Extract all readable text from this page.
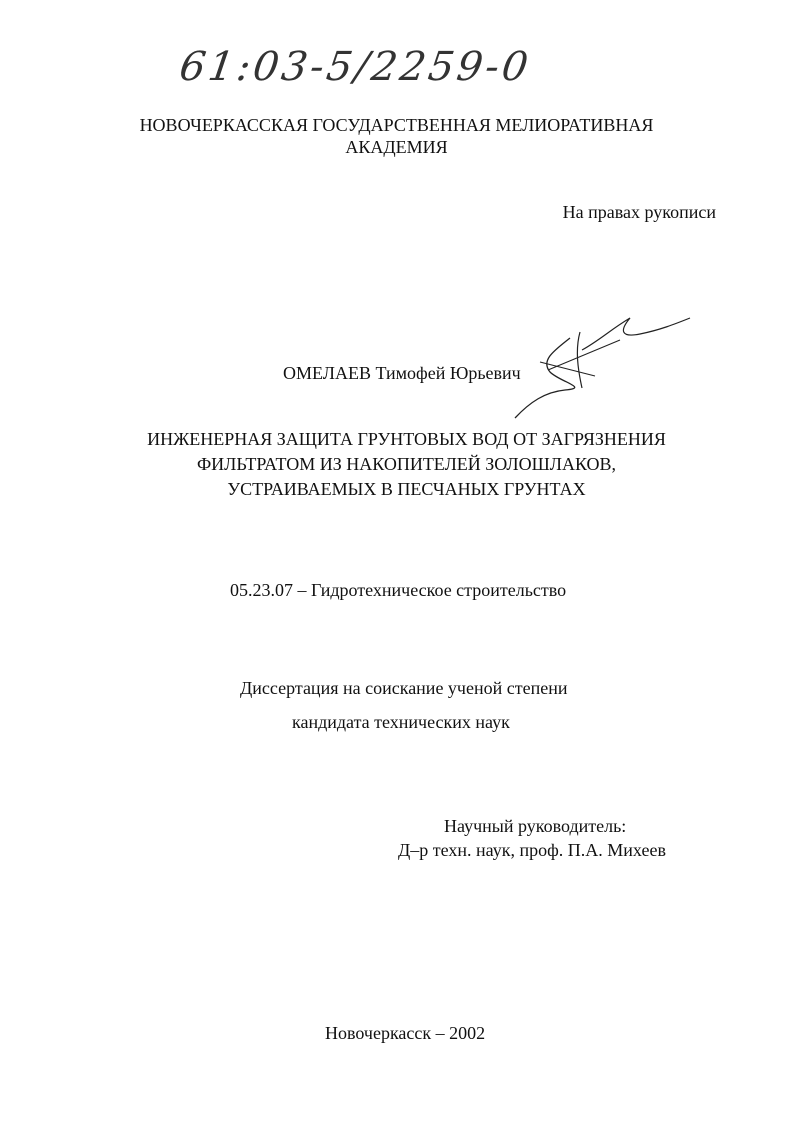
61:03-5/2259-0
НОВОЧЕРКАССКАЯ ГОСУДАРСТВЕННАЯ МЕЛИОРАТИВНАЯ
АКАДЕМИЯ
На правах рукописи
ОМЕЛАЕВ Тимофей Юрьевич
ИНЖЕНЕРНАЯ ЗАЩИТА ГРУНТОВЫХ ВОД ОТ ЗАГРЯЗНЕНИЯ
ФИЛЬТРАТОМ ИЗ НАКОПИТЕЛЕЙ ЗОЛОШЛАКОВ,
УСТРАИВАЕМЫХ В ПЕСЧАНЫХ ГРУНТАХ
05.23.07 – Гидротехническое строительство
Диссертация на соискание ученой степени
кандидата технических наук
Научный руководитель:
Д–р техн. наук, проф. П.А. Михеев
Новочеркасск – 2002
